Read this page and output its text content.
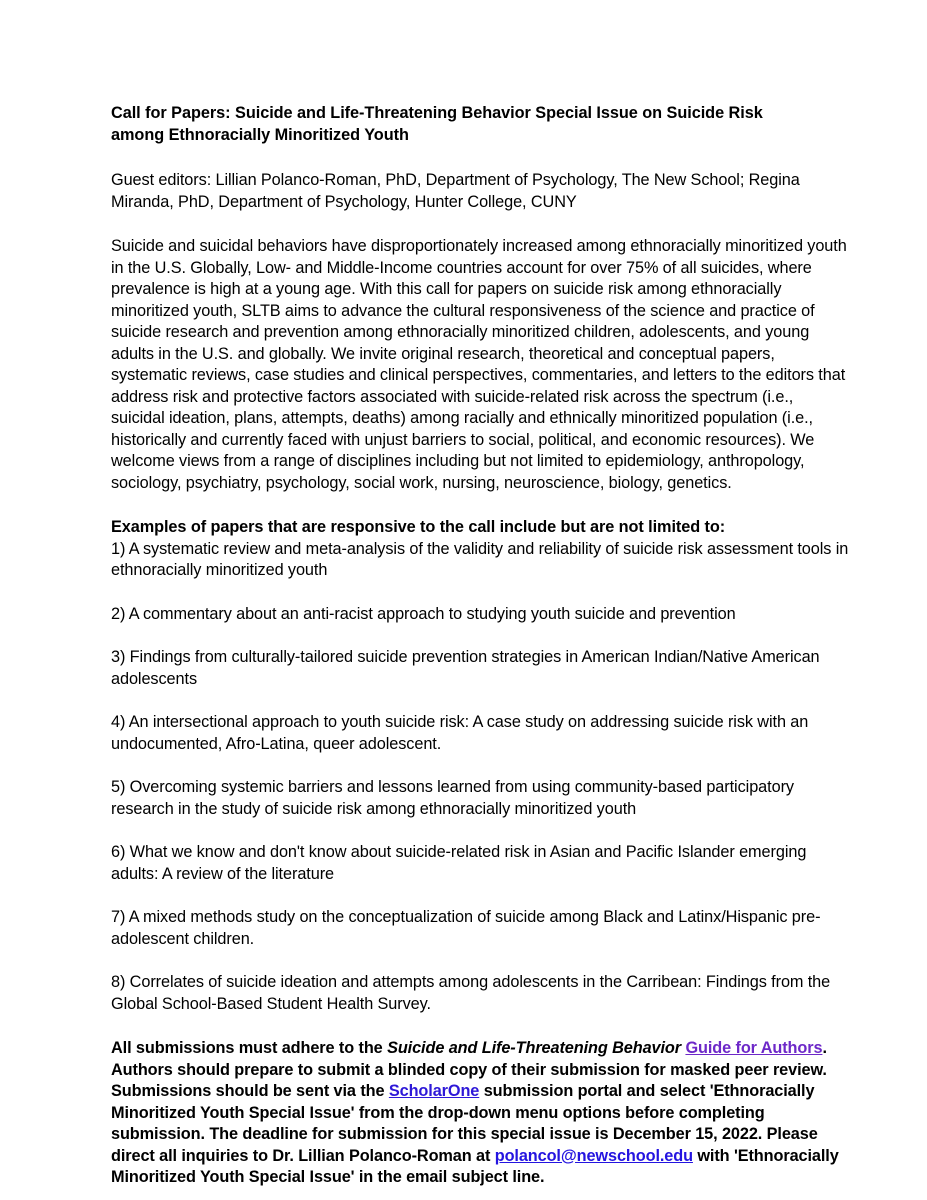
Call for Papers: Suicide and Life-Threatening Behavior Special Issue on Suicide Risk among Ethnoracially Minoritized Youth

Guest editors: Lillian Polanco-Roman, PhD, Department of Psychology, The New School; Regina Miranda, PhD, Department of Psychology, Hunter College, CUNY

Suicide and suicidal behaviors have disproportionately increased among ethnoracially minoritized youth in the U.S. Globally, Low- and Middle-Income countries account for over 75% of all suicides, where prevalence is high at a young age. With this call for papers on suicide risk among ethnoracially minoritized youth, SLTB aims to advance the cultural responsiveness of the science and practice of suicide research and prevention among ethnoracially minoritized children, adolescents, and young adults in the U.S. and globally. We invite original research, theoretical and conceptual papers, systematic reviews, case studies and clinical perspectives, commentaries, and letters to the editors that address risk and protective factors associated with suicide-related risk across the spectrum (i.e., suicidal ideation, plans, attempts, deaths) among racially and ethnically minoritized population (i.e., historically and currently faced with unjust barriers to social, political, and economic resources). We welcome views from a range of disciplines including but not limited to epidemiology, anthropology, sociology, psychiatry, psychology, social work, nursing, neuroscience, biology, genetics.

Examples of papers that are responsive to the call include but are not limited to:

1) A systematic review and meta-analysis of the validity and reliability of suicide risk assessment tools in ethnoracially minoritized youth

2) A commentary about an anti-racist approach to studying youth suicide and prevention

3) Findings from culturally-tailored suicide prevention strategies in American Indian/Native American adolescents

4) An intersectional approach to youth suicide risk: A case study on addressing suicide risk with an undocumented, Afro-Latina, queer adolescent.

5) Overcoming systemic barriers and lessons learned from using community-based participatory research in the study of suicide risk among ethnoracially minoritized youth

6) What we know and don't know about suicide-related risk in Asian and Pacific Islander emerging adults: A review of the literature

7) A mixed methods study on the conceptualization of suicide among Black and Latinx/Hispanic pre-adolescent children.

8) Correlates of suicide ideation and attempts among adolescents in the Carribean: Findings from the Global School-Based Student Health Survey.

All submissions must adhere to the Suicide and Life-Threatening Behavior Guide for Authors. Authors should prepare to submit a blinded copy of their submission for masked peer review. Submissions should be sent via the ScholarOne submission portal and select 'Ethnoracially Minoritized Youth Special Issue' from the drop-down menu options before completing submission. The deadline for submission for this special issue is December 15, 2022. Please direct all inquiries to Dr. Lillian Polanco-Roman at polancol@newschool.edu with 'Ethnoracially Minoritized Youth Special Issue' in the email subject line.
